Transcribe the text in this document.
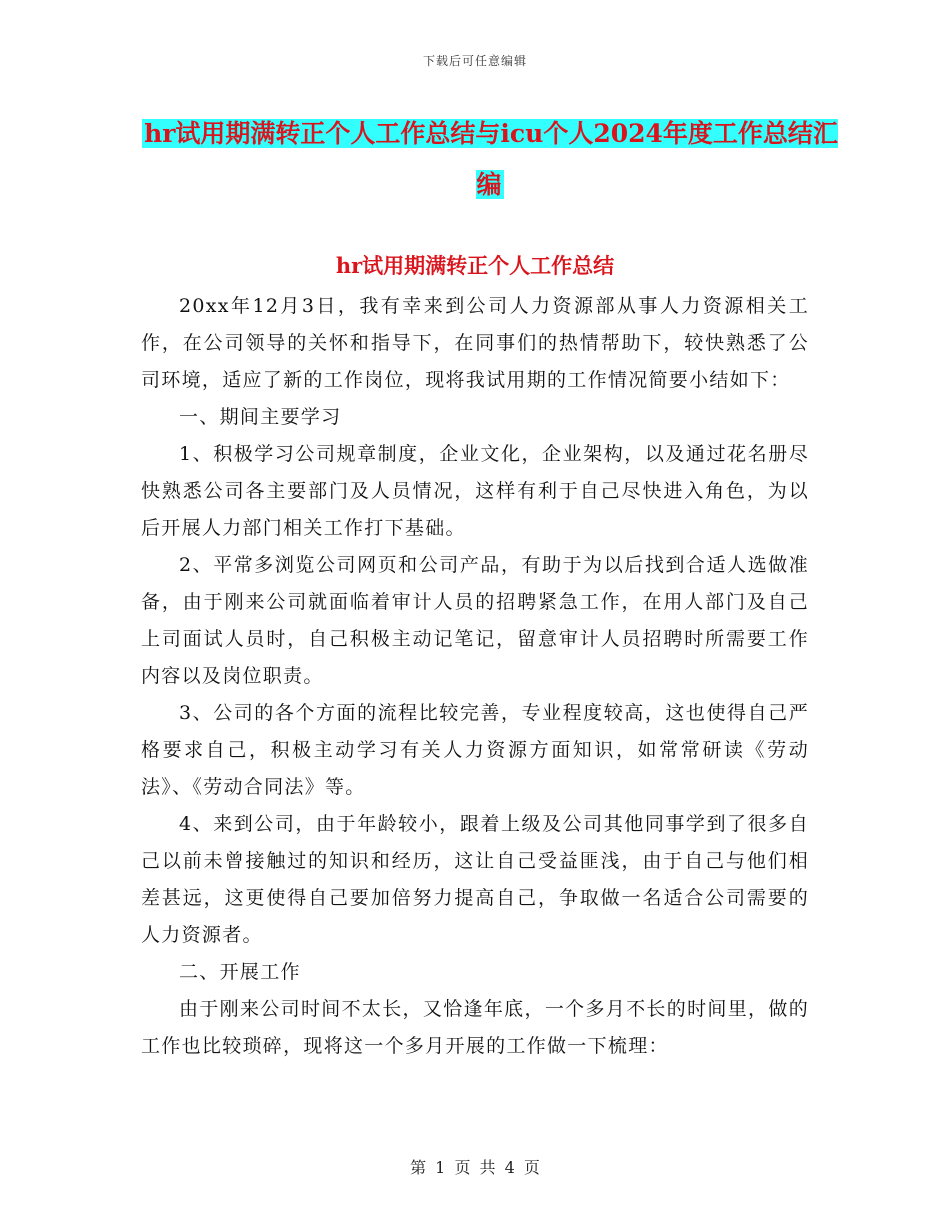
下载后可任意编辑
hr试用期满转正个人工作总结与icu个人2024年度工作总结汇编
hr试用期满转正个人工作总结

20xx年12月3日，我有幸来到公司人力资源部从事人力资源相关工作，在公司领导的关怀和指导下，在同事们的热情帮助下，较快熟悉了公司环境，适应了新的工作岗位，现将我试用期的工作情况简要小结如下：

一、期间主要学习

1、积极学习公司规章制度，企业文化，企业架构，以及通过花名册尽快熟悉公司各主要部门及人员情况，这样有利于自己尽快进入角色，为以后开展人力部门相关工作打下基础。

2、平常多浏览公司网页和公司产品，有助于为以后找到合适人选做准备，由于刚来公司就面临着审计人员的招聘紧急工作，在用人部门及自己上司面试人员时，自己积极主动记笔记，留意审计人员招聘时所需要工作内容以及岗位职责。

3、公司的各个方面的流程比较完善，专业程度较高，这也使得自己严格要求自己，积极主动学习有关人力资源方面知识，如常常研读《劳动法》、《劳动合同法》等。

4、来到公司，由于年龄较小，跟着上级及公司其他同事学到了很多自己以前未曾接触过的知识和经历，这让自己受益匪浅，由于自己与他们相差甚远，这更使得自己要加倍努力提高自己，争取做一名适合公司需要的人力资源者。

二、开展工作

由于刚来公司时间不太长，又恰逢年底，一个多月不长的时间里，做的工作也比较琐碎，现将这一个多月开展的工作做一下梳理：

第 1 页 共 4 页
